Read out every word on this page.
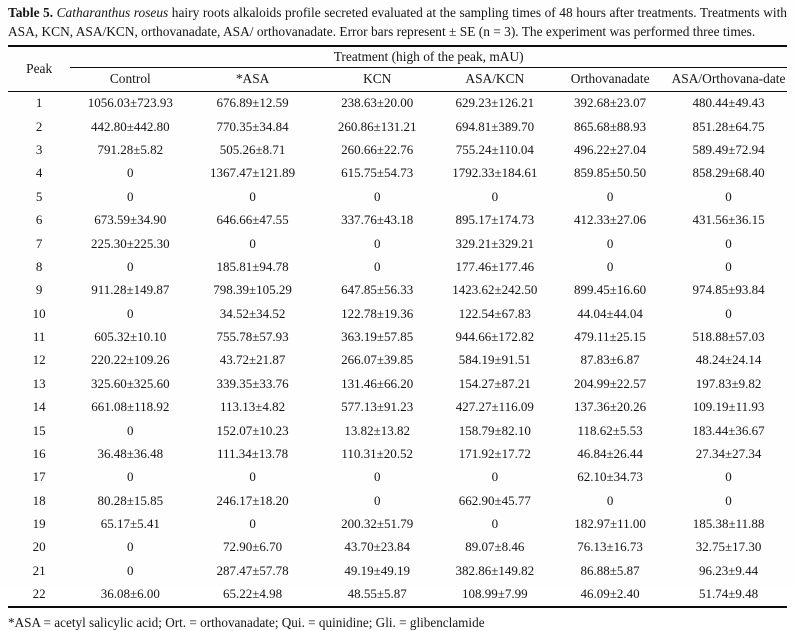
Table 5. Catharanthus roseus hairy roots alkaloids profile secreted evaluated at the sampling times of 48 hours after treatments. Treatments with ASA, KCN, ASA/KCN, orthovanadate, ASA/ orthovanadate. Error bars represent ± SE (n = 3). The experiment was performed three times.

Peak	Treatment (high of the peak, mAU)					
	Control	*ASA	KCN	ASA/KCN	Orthovanadate	ASA/Orthovana-date
1	1056.03±723.93	676.89±12.59	238.63±20.00	629.23±126.21	392.68±23.07	480.44±49.43
2	442.80±442.80	770.35±34.84	260.86±131.21	694.81±389.70	865.68±88.93	851.28±64.75
3	791.28±5.82	505.26±8.71	260.66±22.76	755.24±110.04	496.22±27.04	589.49±72.94
4	0	1367.47±121.89	615.75±54.73	1792.33±184.61	859.85±50.50	858.29±68.40
5	0	0	0	0	0	0
6	673.59±34.90	646.66±47.55	337.76±43.18	895.17±174.73	412.33±27.06	431.56±36.15
7	225.30±225.30	0	0	329.21±329.21	0	0
8	0	185.81±94.78	0	177.46±177.46	0	0
9	911.28±149.87	798.39±105.29	647.85±56.33	1423.62±242.50	899.45±16.60	974.85±93.84
10	0	34.52±34.52	122.78±19.36	122.54±67.83	44.04±44.04	0
11	605.32±10.10	755.78±57.93	363.19±57.85	944.66±172.82	479.11±25.15	518.88±57.03
12	220.22±109.26	43.72±21.87	266.07±39.85	584.19±91.51	87.83±6.87	48.24±24.14
13	325.60±325.60	339.35±33.76	131.46±66.20	154.27±87.21	204.99±22.57	197.83±9.82
14	661.08±118.92	113.13±4.82	577.13±91.23	427.27±116.09	137.36±20.26	109.19±11.93
15	0	152.07±10.23	13.82±13.82	158.79±82.10	118.62±5.53	183.44±36.67
16	36.48±36.48	111.34±13.78	110.31±20.52	171.92±17.72	46.84±26.44	27.34±27.34
17	0	0	0	0	62.10±34.73	0
18	80.28±15.85	246.17±18.20	0	662.90±45.77	0	0
19	65.17±5.41	0	200.32±51.79	0	182.97±11.00	185.38±11.88
20	0	72.90±6.70	43.70±23.84	89.07±8.46	76.13±16.73	32.75±17.30
21	0	287.47±57.78	49.19±49.19	382.86±149.82	86.88±5.87	96.23±9.44
22	36.08±6.00	65.22±4.98	48.55±5.87	108.99±7.99	46.09±2.40	51.74±9.48

*ASA = acetyl salicylic acid; Ort. = orthovanadate; Qui. = quinidine; Gli. = glibenclamide
